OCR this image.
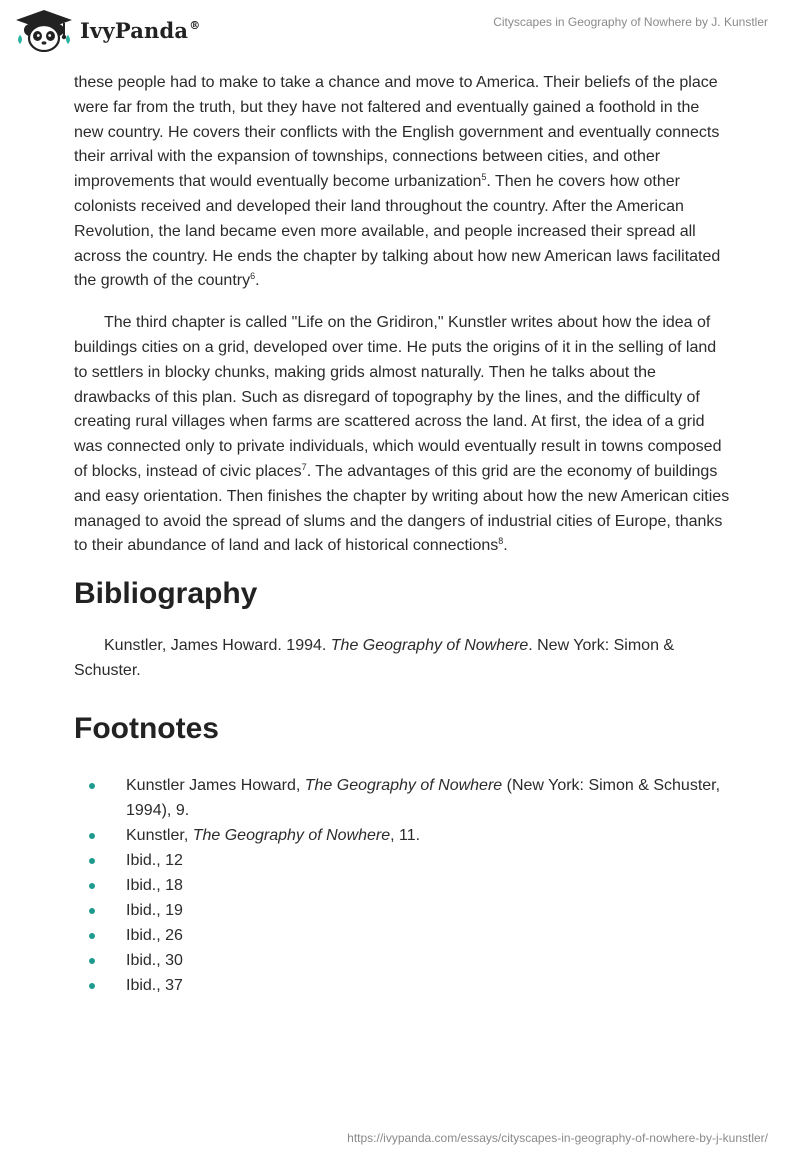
IvyPanda®	Cityscapes in Geography of Nowhere by J. Kunstler

these people had to make to take a chance and move to America. Their beliefs of the place were far from the truth, but they have not faltered and eventually gained a foothold in the new country. He covers their conflicts with the English government and eventually connects their arrival with the expansion of townships, connections between cities, and other improvements that would eventually become urbanization$^5$. Then he covers how other colonists received and developed their land throughout the country. After the American Revolution, the land became even more available, and people increased their spread all across the country. He ends the chapter by talking about how new American laws facilitated the growth of the country$^6$.

The third chapter is called "Life on the Gridiron," Kunstler writes about how the idea of buildings cities on a grid, developed over time. He puts the origins of it in the selling of land to settlers in blocky chunks, making grids almost naturally. Then he talks about the drawbacks of this plan. Such as disregard of topography by the lines, and the difficulty of creating rural villages when farms are scattered across the land. At first, the idea of a grid was connected only to private individuals, which would eventually result in towns composed of blocks, instead of civic places$^7$. The advantages of this grid are the economy of buildings and easy orientation. Then finishes the chapter by writing about how the new American cities managed to avoid the spread of slums and the dangers of industrial cities of Europe, thanks to their abundance of land and lack of historical connections$^8$.

Bibliography

Kunstler, James Howard. 1994. The Geography of Nowhere. New York: Simon & Schuster.

Footnotes
Kunstler James Howard, The Geography of Nowhere (New York: Simon & Schuster, 1994), 9.
Kunstler, The Geography of Nowhere, 11.
Ibid., 12
Ibid., 18
Ibid., 19
Ibid., 26
Ibid., 30
Ibid., 37
https://ivypanda.com/essays/cityscapes-in-geography-of-nowhere-by-j-kunstler/
